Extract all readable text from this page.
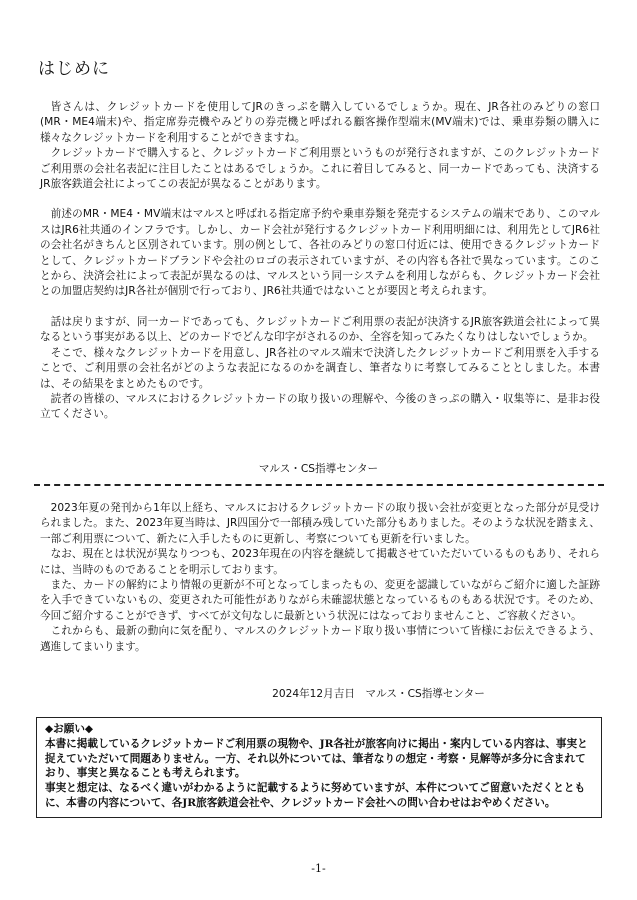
はじめに

皆さんは、クレジットカードを使用してJRのきっぷを購入しているでしょうか。現在、JR各社のみどりの窓口(MR・ME4端末)や、指定席券売機やみどりの券売機と呼ばれる顧客操作型端末(MV端末)では、乗車券類の購入に様々なクレジットカードを利用することができますね。

クレジットカードで購入すると、クレジットカードご利用票というものが発行されますが、このクレジットカードご利用票の会社名表記に注目したことはあるでしょうか。これに着目してみると、同一カードであっても、決済するJR旅客鉄道会社によってこの表記が異なることがあります。

前述のMR・ME4・MV端末はマルスと呼ばれる指定席予約や乗車券類を発売するシステムの端末であり、このマルスはJR6社共通のインフラです。しかし、カード会社が発行するクレジットカード利用明細には、利用先としてJR6社の会社名がきちんと区別されています。別の例として、各社のみどりの窓口付近には、使用できるクレジットカードとして、クレジットカードブランドや会社のロゴの表示されていますが、その内容も各社で異なっています。このことから、決済会社によって表記が異なるのは、マルスという同一システムを利用しながらも、クレジットカード会社との加盟店契約はJR各社が個別で行っており、JR6社共通ではないことが要因と考えられます。

話は戻りますが、同一カードであっても、クレジットカードご利用票の表記が決済するJR旅客鉄道会社によって異なるという事実がある以上、どのカードでどんな印字がされるのか、全容を知ってみたくなりはしないでしょうか。

そこで、様々なクレジットカードを用意し、JR各社のマルス端末で決済したクレジットカードご利用票を入手することで、ご利用票の会社名がどのような表記になるのかを調査し、筆者なりに考察してみることとしました。本書は、その結果をまとめたものです。

読者の皆様の、マルスにおけるクレジットカードの取り扱いの理解や、今後のきっぷの購入・収集等に、是非お役立てください。

マルス・CS指導センター

2023年夏の発刊から1年以上経ち、マルスにおけるクレジットカードの取り扱い会社が変更となった部分が見受けられました。また、2023年夏当時は、JR四国分で一部積み残していた部分もありました。そのような状況を踏まえ、一部ご利用票について、新たに入手したものに更新し、考察についても更新を行いました。

なお、現在とは状況が異なりつつも、2023年現在の内容を継続して掲載させていただいているものもあり、それらには、当時のものであることを明示しております。

また、カードの解約により情報の更新が不可となってしまったもの、変更を認識していながらご紹介に適した証跡を入手できていないもの、変更された可能性がありながら未確認状態となっているものもある状況です。そのため、今回ご紹介することができず、すべてが文句なしに最新という状況にはなっておりませんこと、ご容赦ください。

これからも、最新の動向に気を配り、マルスのクレジットカード取り扱い事情について皆様にお伝えできるよう、邁進してまいります。

2024年12月吉日　マルス・CS指導センター

◆お願い◆

本書に掲載しているクレジットカードご利用票の現物や、JR各社が旅客向けに掲出・案内している内容は、事実と捉えていただいて問題ありません。一方、それ以外については、筆者なりの想定・考察・見解等が多分に含まれており、事実と異なることも考えられます。

事実と想定は、なるべく違いがわかるように記載するように努めていますが、本件についてご留意いただくとともに、本書の内容について、各JR旅客鉄道会社や、クレジットカード会社への問い合わせはおやめください。

-1-
